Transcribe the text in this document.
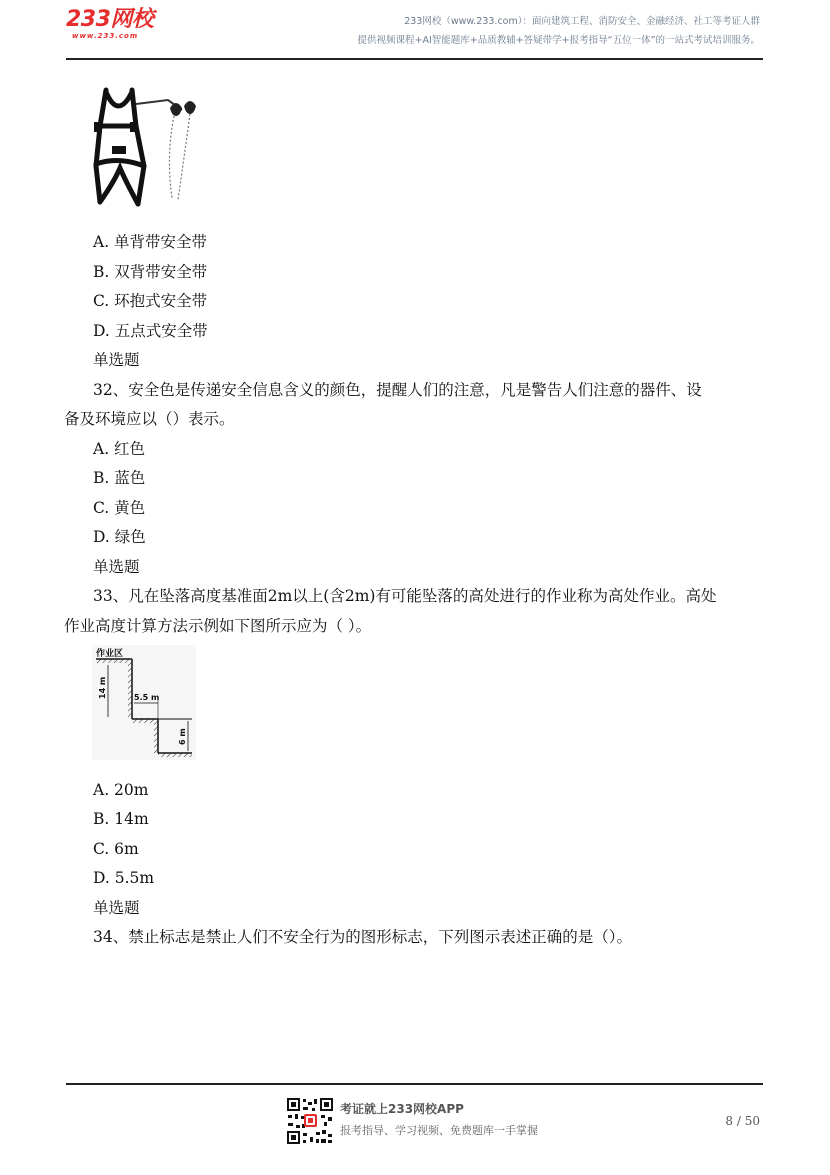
233网校
www.233.com
233网校（www.233.com）：面向建筑工程、消防安全、金融经济、社工等考证人群
提供视频课程+AI智能题库+品质教辅+答疑带学+报考指导“五位一体”的一站式考试培训服务。
A. 单背带安全带
B. 双背带安全带
C. 环抱式安全带
D. 五点式安全带
单选题
32、安全色是传递安全信息含义的颜色，提醒人们的注意，凡是警告人们注意的器件、设
备及环境应以（）表示。
A. 红色
B. 蓝色
C. 黄色
D. 绿色
单选题
33、凡在坠落高度基准面2m以上(含2m)有可能坠落的高处进行的作业称为高处作业。高处
作业高度计算方法示例如下图所示应为（ ）。
A. 20m
B. 14m
C. 6m
D. 5.5m
单选题
34、禁止标志是禁止人们不安全行为的图形标志，下列图示表述正确的是（）。
作业区
14 m	5.5 m
6 m
考证就上233网校APP
报考指导、学习视频、免费题库一手掌握
8 / 50
